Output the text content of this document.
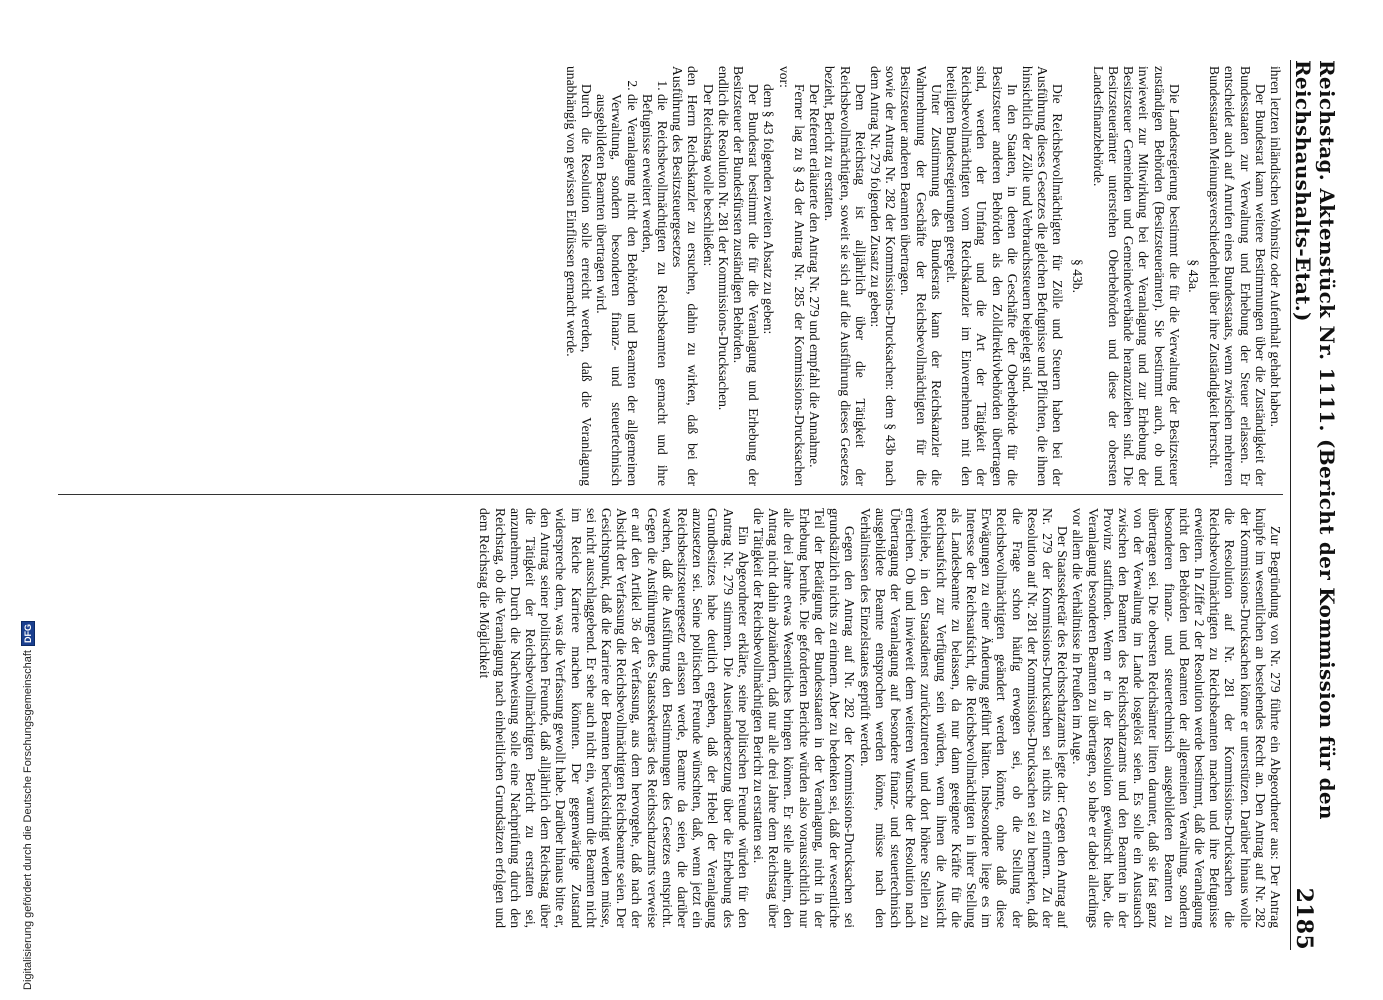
Reichstag. Aktenstück Nr. 1111. (Bericht der Kommission für den Reichshaushalts-Etat.)
2185

ihren letzten inländischen Wohnsitz oder Aufenthalt gehabt haben.

Der Bundesrat kann weitere Bestimmungen über die Zuständigkeit der Bundesstaaten zur Verwaltung und Erhebung der Steuer erlassen. Er entscheidet auch auf Anrufen eines Bundesstaats, wenn zwischen mehreren Bundesstaaten Meinungsverschiedenheit über ihre Zuständigkeit herrscht.

§ 43a.

Die Landesregierung bestimmt die für die Verwaltung der Besitzsteuer zuständigen Behörden (Besitzsteuerämter). Sie bestimmt auch, ob und inwieweit zur Mitwirkung bei der Veranlagung und zur Erhebung der Besitzsteuer Gemeinden und Gemeindeverbände heranzuziehen sind. Die Besitzsteuerämter unterstehen Oberbehörden und diese der obersten Landesfinanzbehörde.

§ 43b.

Die Reichsbevollmächtigten für Zölle und Steuern haben bei der Ausführung dieses Gesetzes die gleichen Befugnisse und Pflichten, die ihnen hinsichtlich der Zölle und Verbrauchssteuern beigelegt sind.

In den Staaten, in denen die Geschäfte der Oberbehörde für die Besitzsteuer anderen Behörden als den Zolldirektivbehörden übertragen sind, werden der Umfang und die Art der Tätigkeit der Reichsbevollmächtigten vom Reichskanzler im Einvernehmen mit den beteiligten Bundesregierungen geregelt.

Unter Zustimmung des Bundesrats kann der Reichskanzler die Wahrnehmung der Geschäfte der Reichsbevollmächtigten für die Besitzsteuer anderen Beamten übertragen.

sowie der Antrag Nr. 282 der Kommissions-Drucksachen: dem § 43b nach dem Antrag Nr. 279 folgenden Zusatz zu geben:

Dem Reichstag ist alljährlich über die Tätigkeit der Reichsbevollmächtigten, soweit sie sich auf die Ausführung dieses Gesetzes bezieht, Bericht zu erstatten.

Der Referent erläuterte den Antrag Nr. 279 und empfahl die Annahme.

Ferner lag zu § 43 der Antrag Nr. 285 der Kommissions-Drucksachen vor:

dem § 43 folgenden zweiten Absatz zu geben:

Der Bundesrat bestimmt die für die Veranlagung und Erhebung der Besitzsteuer der Bundesfürsten zuständigen Behörden.

endlich die Resolution Nr. 281 der Kommissions-Drucksachen.

Der Reichstag wolle beschließen:

den Herrn Reichskanzler zu ersuchen, dahin zu wirken, daß bei der Ausführung des Besitzsteuergesetzes

1. die Reichsbevollmächtigten zu Reichsbeamten gemacht und ihre Befugnisse erweitert werden,
2. die Veranlagung nicht den Behörden und Beamten der allgemeinen Verwaltung, sondern besonderen finanz- und steuertechnisch ausgebildeten Beamten übertragen wird.

Durch die Resolution solle erreicht werden, daß die Veranlagung unabhängig von gewissen Einflüssen gemacht werde.

Zur Begründung von Nr. 279 führte ein Abgeordneter aus: Der Antrag knüpfe im wesentlichen an bestehendes Recht an. Den Antrag auf Nr. 282 der Kommissions-Drucksachen könne er unterstützen. Darüber hinaus wolle die Resolution auf Nr. 281 der Kommissions-Drucksachen die Reichsbevollmächtigten zu Reichsbeamten machen und ihre Befugnisse erweitern. In Ziffer 2 der Resolution werde bestimmt, daß die Veranlagung nicht den Behörden und Beamten der allgemeinen Verwaltung, sondern besonderen finanz- und steuertechnisch ausgebildeten Beamten zu übertragen sei. Die obersten Reichsämter litten darunter, daß sie fast ganz von der Verwaltung im Lande losgelöst seien. Es solle ein Austausch zwischen den Beamten des Reichsschatzamts und den Beamten in der Provinz stattfinden. Wenn er in der Resolution gewünscht habe, die Veranlagung besonderen Beamten zu übertragen, so habe er dabei allerdings vor allem die Verhältnisse in Preußen im Auge.

Der Staatssekretär des Reichsschatzamts legte dar: Gegen den Antrag auf Nr. 279 der Kommissions-Drucksachen sei nichts zu erinnern. Zu der Resolution auf Nr. 281 der Kommissions-Drucksachen sei zu bemerken, daß die Frage schon häufig erwogen sei, ob die Stellung der Reichsbevollmächtigten geändert werden könnte, ohne daß diese Erwägungen zu einer Änderung geführt hätten. Insbesondere liege es im Interesse der Reichsaufsicht, die Reichsbevollmächtigten in ihrer Stellung als Landesbeamte zu belassen, da nur dann geeignete Kräfte für die Reichsaufsicht zur Verfügung sein würden, wenn ihnen die Aussicht verbliebe, in den Staatsdienst zurückzutreten und dort höhere Stellen zu erreichen. Ob und inwieweit dem weiteren Wunsche der Resolution nach Übertragung der Veranlagung auf besondere finanz- und steuertechnisch ausgebildete Beamte entsprochen werden könne, müsse nach den Verhältnissen des Einzelstaates geprüft werden.

Gegen den Antrag auf Nr. 282 der Kommissions-Drucksachen sei grundsätzlich nichts zu erinnern. Aber zu bedenken sei, daß der wesentliche Teil der Betätigung der Bundesstaaten in der Veranlagung, nicht in der Erhebung beruhe. Die geforderten Berichte würden also voraussichtlich nur alle drei Jahre etwas Wesentliches bringen können. Er stelle anheim, den Antrag nicht dahin abzuändern, daß nur alle drei Jahre dem Reichstag über die Tätigkeit der Reichsbevollmächtigten Bericht zu erstatten sei.

Ein Abgeordneter erklärte, seine politischen Freunde würden für den Antrag Nr. 279 stimmen. Die Auseinandersetzung über die Erhebung des Grundbesitzes habe deutlich ergeben, daß der Hebel der Veranlagung anzusetzen sei. Seine politischen Freunde wünschten, daß, wenn jetzt ein Reichsbesitzsteuergesetz erlassen werde, Beamte da seien, die darüber wachen, daß die Ausführung den Bestimmungen des Gesetzes entspricht. Gegen die Ausführungen des Staatssekretärs des Reichsschatzamts verweise er auf den Artikel 36 der Verfassung, aus dem hervorgehe, daß nach der Absicht der Verfassung die Reichsbevollmächtigten Reichsbeamte seien. Der Gesichtspunkt, daß die Karriere der Beamten berücksichtigt werden müsse, sei nicht ausschlaggebend. Er sehe auch nicht ein, warum die Beamten nicht im Reiche Karriere machen könnten. Der gegenwärtige Zustand widerspreche dem, was die Verfassung gewollt habe. Darüber hinaus bitte er, den Antrag seiner politischen Freunde, daß alljährlich dem Reichstag über die Tätigkeit der Reichsbevollmächtigten Bericht zu erstatten sei, anzunehmen. Durch die Nachweisung solle eine Nachprüfung durch den Reichstag, ob die Veranlagung nach einheitlichen Grundsätzen erfolgen und dem Reichstag die Möglichkeit

Digitalisierung gefördert durch die Deutsche Forschungsgemeinschaft
DFG
